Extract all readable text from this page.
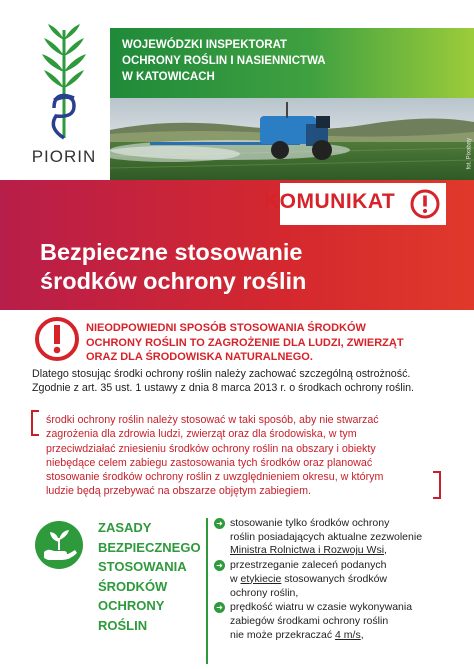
PIORIN
WOJEWÓDZKI INSPEKTORAT
OCHRONY ROŚLIN I NASIENNICTWA
W KATOWICACH
fot. Pixabay
KOMUNIKAT
Bezpieczne stosowanie
środków ochrony roślin
NIEODPOWIEDNI SPOSÓB STOSOWANIA ŚRODKÓW
OCHRONY ROŚLIN TO ZAGROŻENIE DLA LUDZI, ZWIERZĄT
ORAZ DLA ŚRODOWISKA NATURALNEGO.
Dlatego stosując środki ochrony roślin należy zachować szczególną ostrożność.
Zgodnie z art. 35 ust. 1 ustawy z dnia 8 marca 2013 r. o środkach ochrony roślin.
środki ochrony roślin należy stosować w taki sposób, aby nie stwarzać
zagrożenia dla zdrowia ludzi, zwierząt oraz dla środowiska, w tym
przeciwdziałać zniesieniu środków ochrony roślin na obszary i obiekty
niebędące celem zabiegu zastosowania tych środków oraz planować
stosowanie środków ochrony roślin z uwzględnieniem okresu, w którym
ludzie będą przebywać na obszarze objętym zabiegiem.
ZASADY
BEZPIECZNEGO
STOSOWANIA
ŚRODKÓW
OCHRONY
ROŚLIN
➜ stosowanie tylko środków ochrony
roślin posiadających aktualne zezwolenie
Ministra Rolnictwa i Rozwoju Wsi,
➜ przestrzeganie zaleceń podanych
w etykiecie stosowanych środków
ochrony roślin,
➜ prędkość wiatru w czasie wykonywania
zabiegów środkami ochrony roślin
nie może przekraczać 4 m/s,
